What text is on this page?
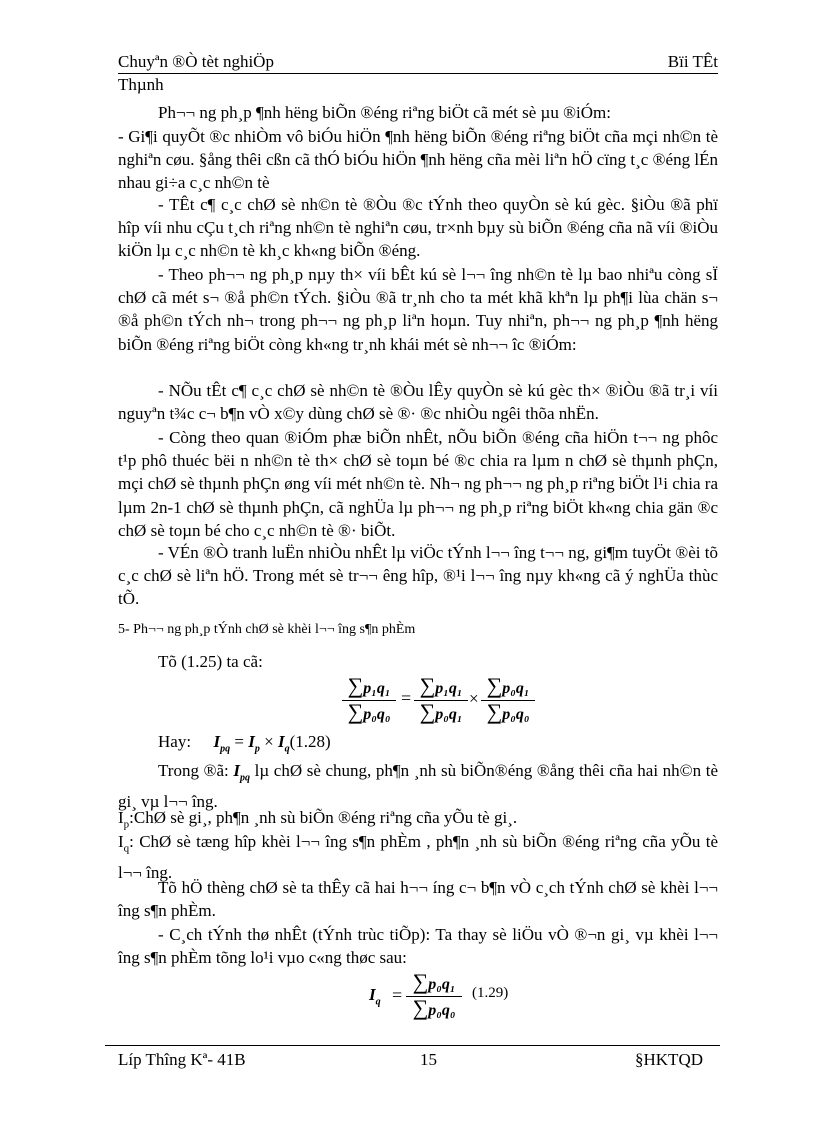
Chuyªn ®Ò tèt nghiÖp	Bïi TÊt
Thµnh

Ph¬¬ ng ph¸p ¶nh hëng biÕn ®éng riªng biÖt cã mét sè µu ®iÓm:

- Gi¶i quyÕt ®c nhiÒm vô biÓu hiÖn ¶nh hëng biÕn ®éng riªng biÖt cña mçi nh©n tè nghiªn cøu. §ång thêi cßn cã thÓ biÓu hiÖn ¶nh hëng cña mèi liªn hÖ cïng t¸c ®éng lÉn nhau gi÷a c¸c nh©n tè

- TÊt c¶ c¸c chØ sè nh©n tè ®Òu ®c tÝnh theo quyÒn sè kú gèc. §iÒu ®ã phï hîp víi nhu cÇu t¸ch riªng nh©n tè nghiªn cøu, tr×nh bµy sù biÕn ®éng cña nã víi ®iÒu kiÖn lµ c¸c nh©n tè kh¸c kh«ng biÕn ®éng.

- Theo ph¬¬ ng ph¸p nµy th× víi bÊt kú sè l¬¬ îng nh©n tè lµ bao nhiªu còng sÏ chØ cã mét s¬ ®å ph©n tÝch. §iÒu ®ã tr¸nh cho ta mét khã khªn lµ ph¶i lùa chän s¬ ®å ph©n tÝch nh¬ trong ph¬¬ ng ph¸p liªn hoµn. Tuy nhiªn, ph¬¬ ng ph¸p ¶nh hëng biÕn ®éng riªng biÖt còng kh«ng tr¸nh khái mét sè nh¬¬ îc ®iÓm:

- NÕu tÊt c¶ c¸c chØ sè nh©n tè ®Òu lÊy quyÒn sè kú gèc th× ®iÒu ®ã tr¸i víi nguyªn t¾c c¬ b¶n vÒ x©y dùng chØ sè ®· ®c nhiÒu ngêi thõa nhËn.

- Còng theo quan ®iÓm phæ biÕn nhÊt, nÕu biÕn ®éng cña hiÖn t¬¬ ng phôc t¹p phô thuéc bëi n nh©n tè th× chØ sè toµn bé ®c chia ra lµm n chØ sè thµnh phÇn, mçi chØ sè thµnh phÇn øng víi mét nh©n tè. Nh¬ ng ph¬¬ ng ph¸p riªng biÖt l¹i chia ra lµm 2n-1 chØ sè thµnh phÇn, cã nghÜa lµ ph¬¬ ng ph¸p riªng biÖt kh«ng chia gän ®c chØ sè toµn bé cho c¸c nh©n tè ®· biÕt.

- VÉn ®Ò tranh luËn nhiÒu nhÊt lµ viÖc tÝnh l¬¬ îng t¬¬ ng, gi¶m tuyÖt ®èi tõ c¸c chØ sè liªn hÖ. Trong mét sè tr¬¬ êng hîp, ®¹i l¬¬ îng nµy kh«ng cã ý nghÜa thùc tÕ.

5- Ph¬¬ ng ph¸p tÝnh chØ sè khèi l¬¬ îng s¶n phÈm
Tõ (1.25) ta cã:
∑p₁q₁
∑p₀q₀
= ∑p₁q₁
∑p₀q₁
×
∑p₀q₁
∑p₀q₀
Hay: $I_{pq} = I_p \times I_q(1.28)$

Trong ®ã: $I_{pq}$ lµ chØ sè chung, ph¶n ¸nh sù biÕn®éng ®ång thêi cña hai nh©n tè gi¸ vµ l¬¬ îng.

$I_p:ChØ$ sè gi¸, ph¶n ¸nh sù biÕn ®éng riªng cña yÕu tè gi¸.

$I_q$: ChØ sè tæng hîp khèi l¬¬ îng s¶n phÈm , ph¶n ¸nh sù biÕn ®éng riªng cña yÕu tè l¬¬ îng.

Tõ hÖ thèng chØ sè ta thÊy cã hai h¬¬ íng c¬ b¶n vÒ c¸ch tÝnh chØ sè khèi l¬¬ îng s¶n phÈm.

- C¸ch tÝnh thø nhÊt (tÝnh trùc tiÕp): Ta thay sè liÖu vÒ ®¬n gi¸ vµ khèi l¬¬ îng s¶n phÈm tõng lo¹i vµo c«ng thøc sau:

$I_q$ =
∑p₀q₁
∑p₀q₀
(1.29)
Líp Thîng Kª- 41B	15	§HKTQD
